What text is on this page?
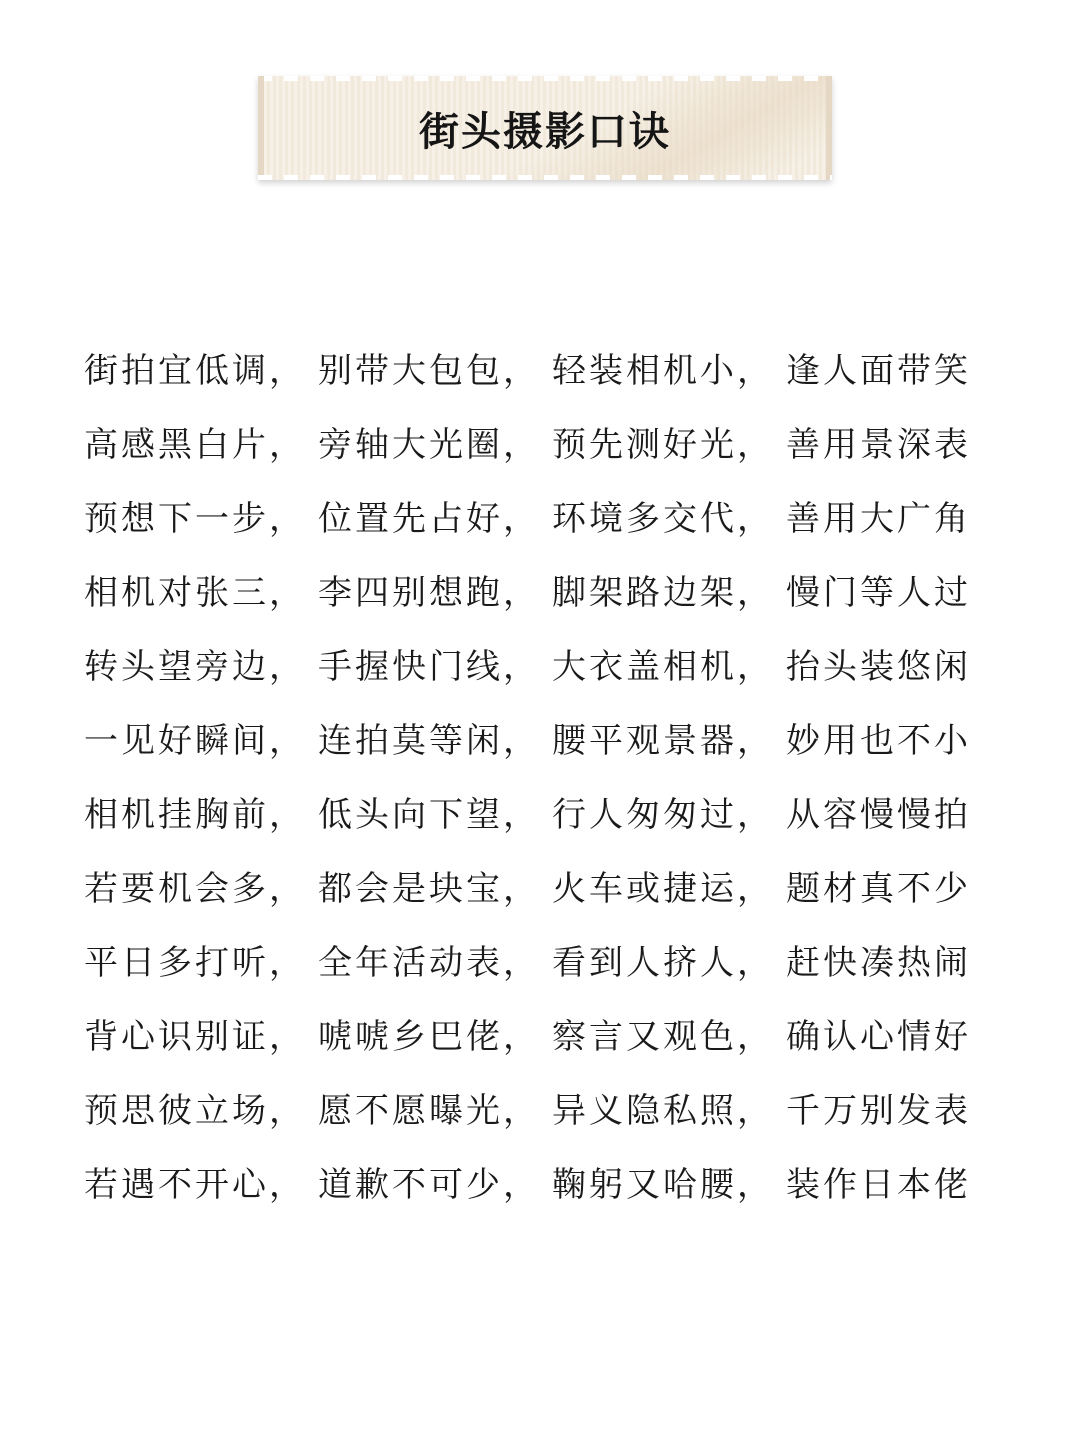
街头摄影口诀
街拍宜低调， 别带大包包， 轻装相机小， 逢人面带笑
高感黑白片， 旁轴大光圈， 预先测好光， 善用景深表
预想下一步， 位置先占好， 环境多交代， 善用大广角
相机对张三， 李四别想跑， 脚架路边架， 慢门等人过
转头望旁边， 手握快门线， 大衣盖相机， 抬头装悠闲
一见好瞬间， 连拍莫等闲， 腰平观景器， 妙用也不小
相机挂胸前， 低头向下望， 行人匆匆过， 从容慢慢拍
若要机会多， 都会是块宝， 火车或捷运， 题材真不少
平日多打听， 全年活动表， 看到人挤人， 赶快凑热闹
背心识别证， 唬唬乡巴佬， 察言又观色， 确认心情好
预思彼立场， 愿不愿曝光， 异义隐私照， 千万别发表
若遇不开心， 道歉不可少， 鞠躬又哈腰， 装作日本佬
